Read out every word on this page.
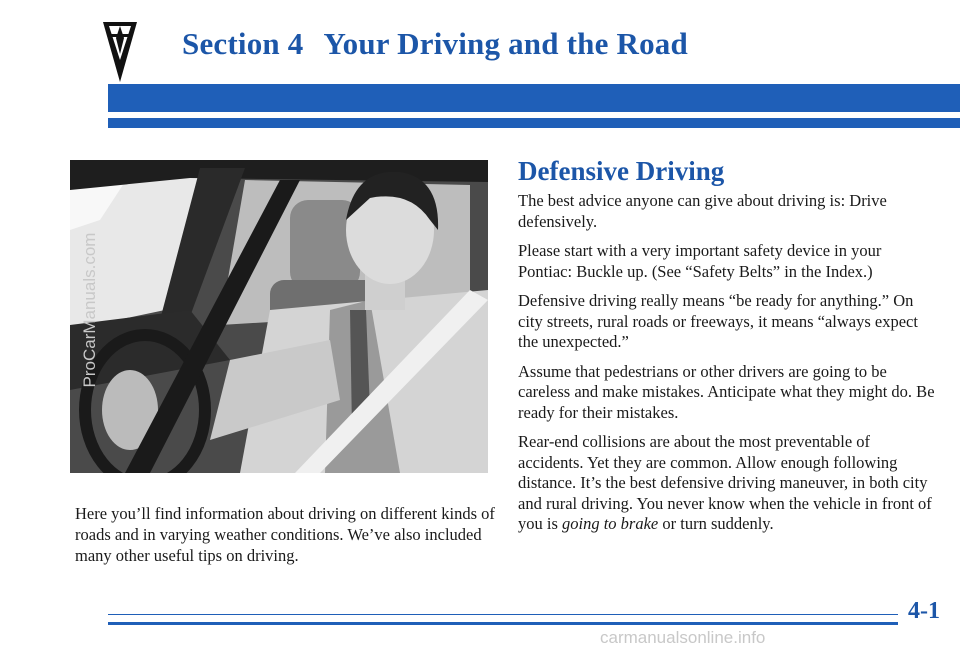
Section 4 Your Driving and the Road

Here you’ll find information about driving on different kinds of roads and in varying weather conditions. We’ve also included many other useful tips on driving.

Defensive Driving

The best advice anyone can give about driving is: Drive defensively.

Please start with a very important safety device in your Pontiac: Buckle up. (See “Safety Belts” in the Index.)

Defensive driving really means “be ready for anything.” On city streets, rural roads or freeways, it means “always expect the unexpected.”

Assume that pedestrians or other drivers are going to be careless and make mistakes. Anticipate what they might do. Be ready for their mistakes.

Rear-end collisions are about the most preventable of accidents. Yet they are common. Allow enough following distance. It’s the best defensive driving maneuver, in both city and rural driving. You never know when the vehicle in front of you is going to brake or turn suddenly.

ProCarManuals.com
4-1
carmanualsonline.info
